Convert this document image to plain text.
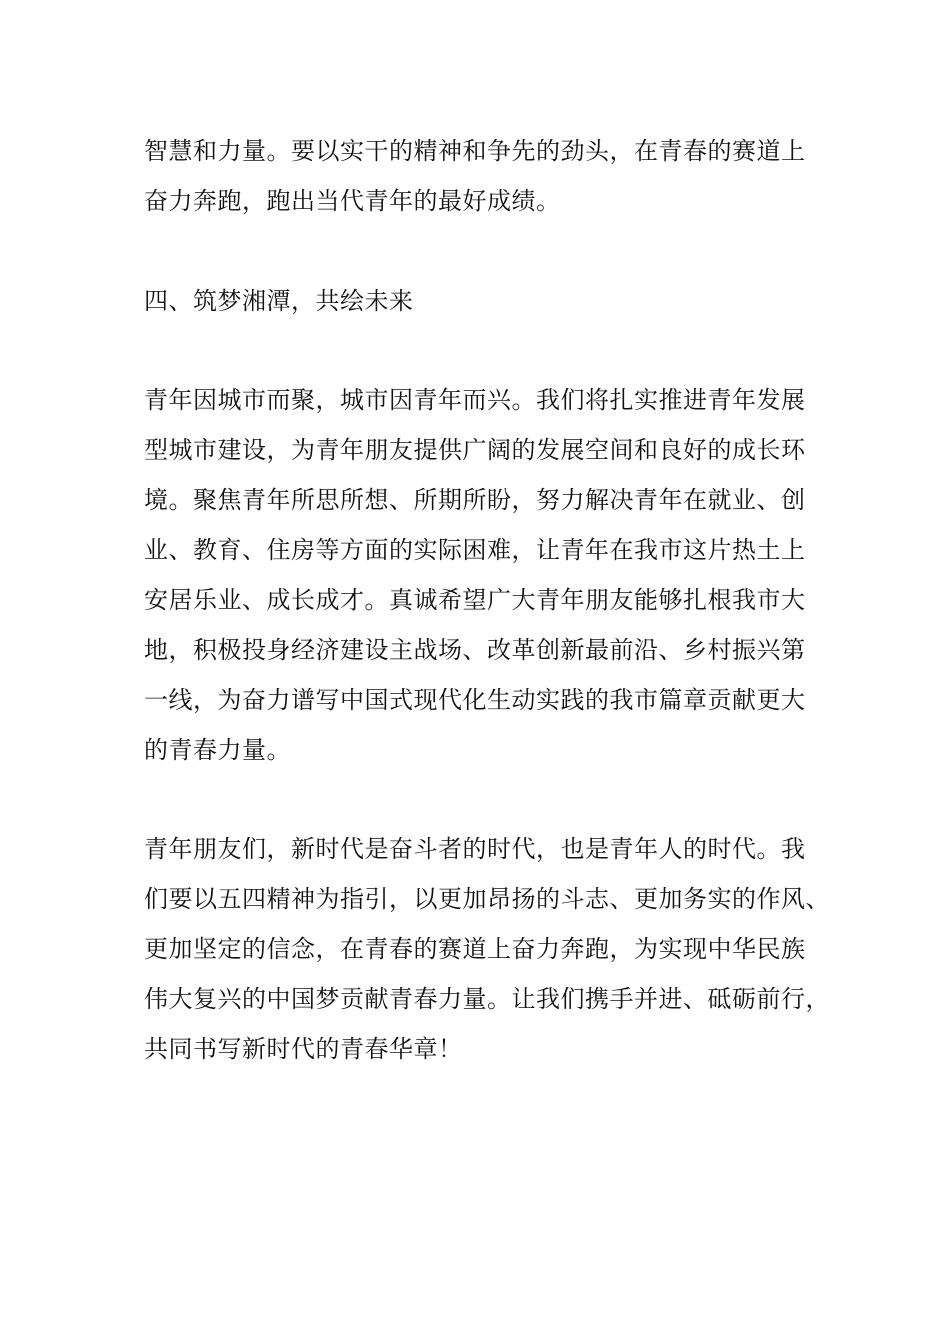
智慧和力量。要以实干的精神和争先的劲头，在青春的赛道上
奋力奔跑，跑出当代青年的最好成绩。
四、筑梦湘潭，共绘未来
青年因城市而聚，城市因青年而兴。我们将扎实推进青年发展
型城市建设，为青年朋友提供广阔的发展空间和良好的成长环
境。聚焦青年所思所想、所期所盼，努力解决青年在就业、创
业、教育、住房等方面的实际困难，让青年在我市这片热土上
安居乐业、成长成才。真诚希望广大青年朋友能够扎根我市大
地，积极投身经济建设主战场、改革创新最前沿、乡村振兴第
一线，为奋力谱写中国式现代化生动实践的我市篇章贡献更大
的青春力量。
青年朋友们，新时代是奋斗者的时代，也是青年人的时代。我
们要以五四精神为指引，以更加昂扬的斗志、更加务实的作风、
更加坚定的信念，在青春的赛道上奋力奔跑，为实现中华民族
伟大复兴的中国梦贡献青春力量。让我们携手并进、砥砺前行，
共同书写新时代的青春华章！
